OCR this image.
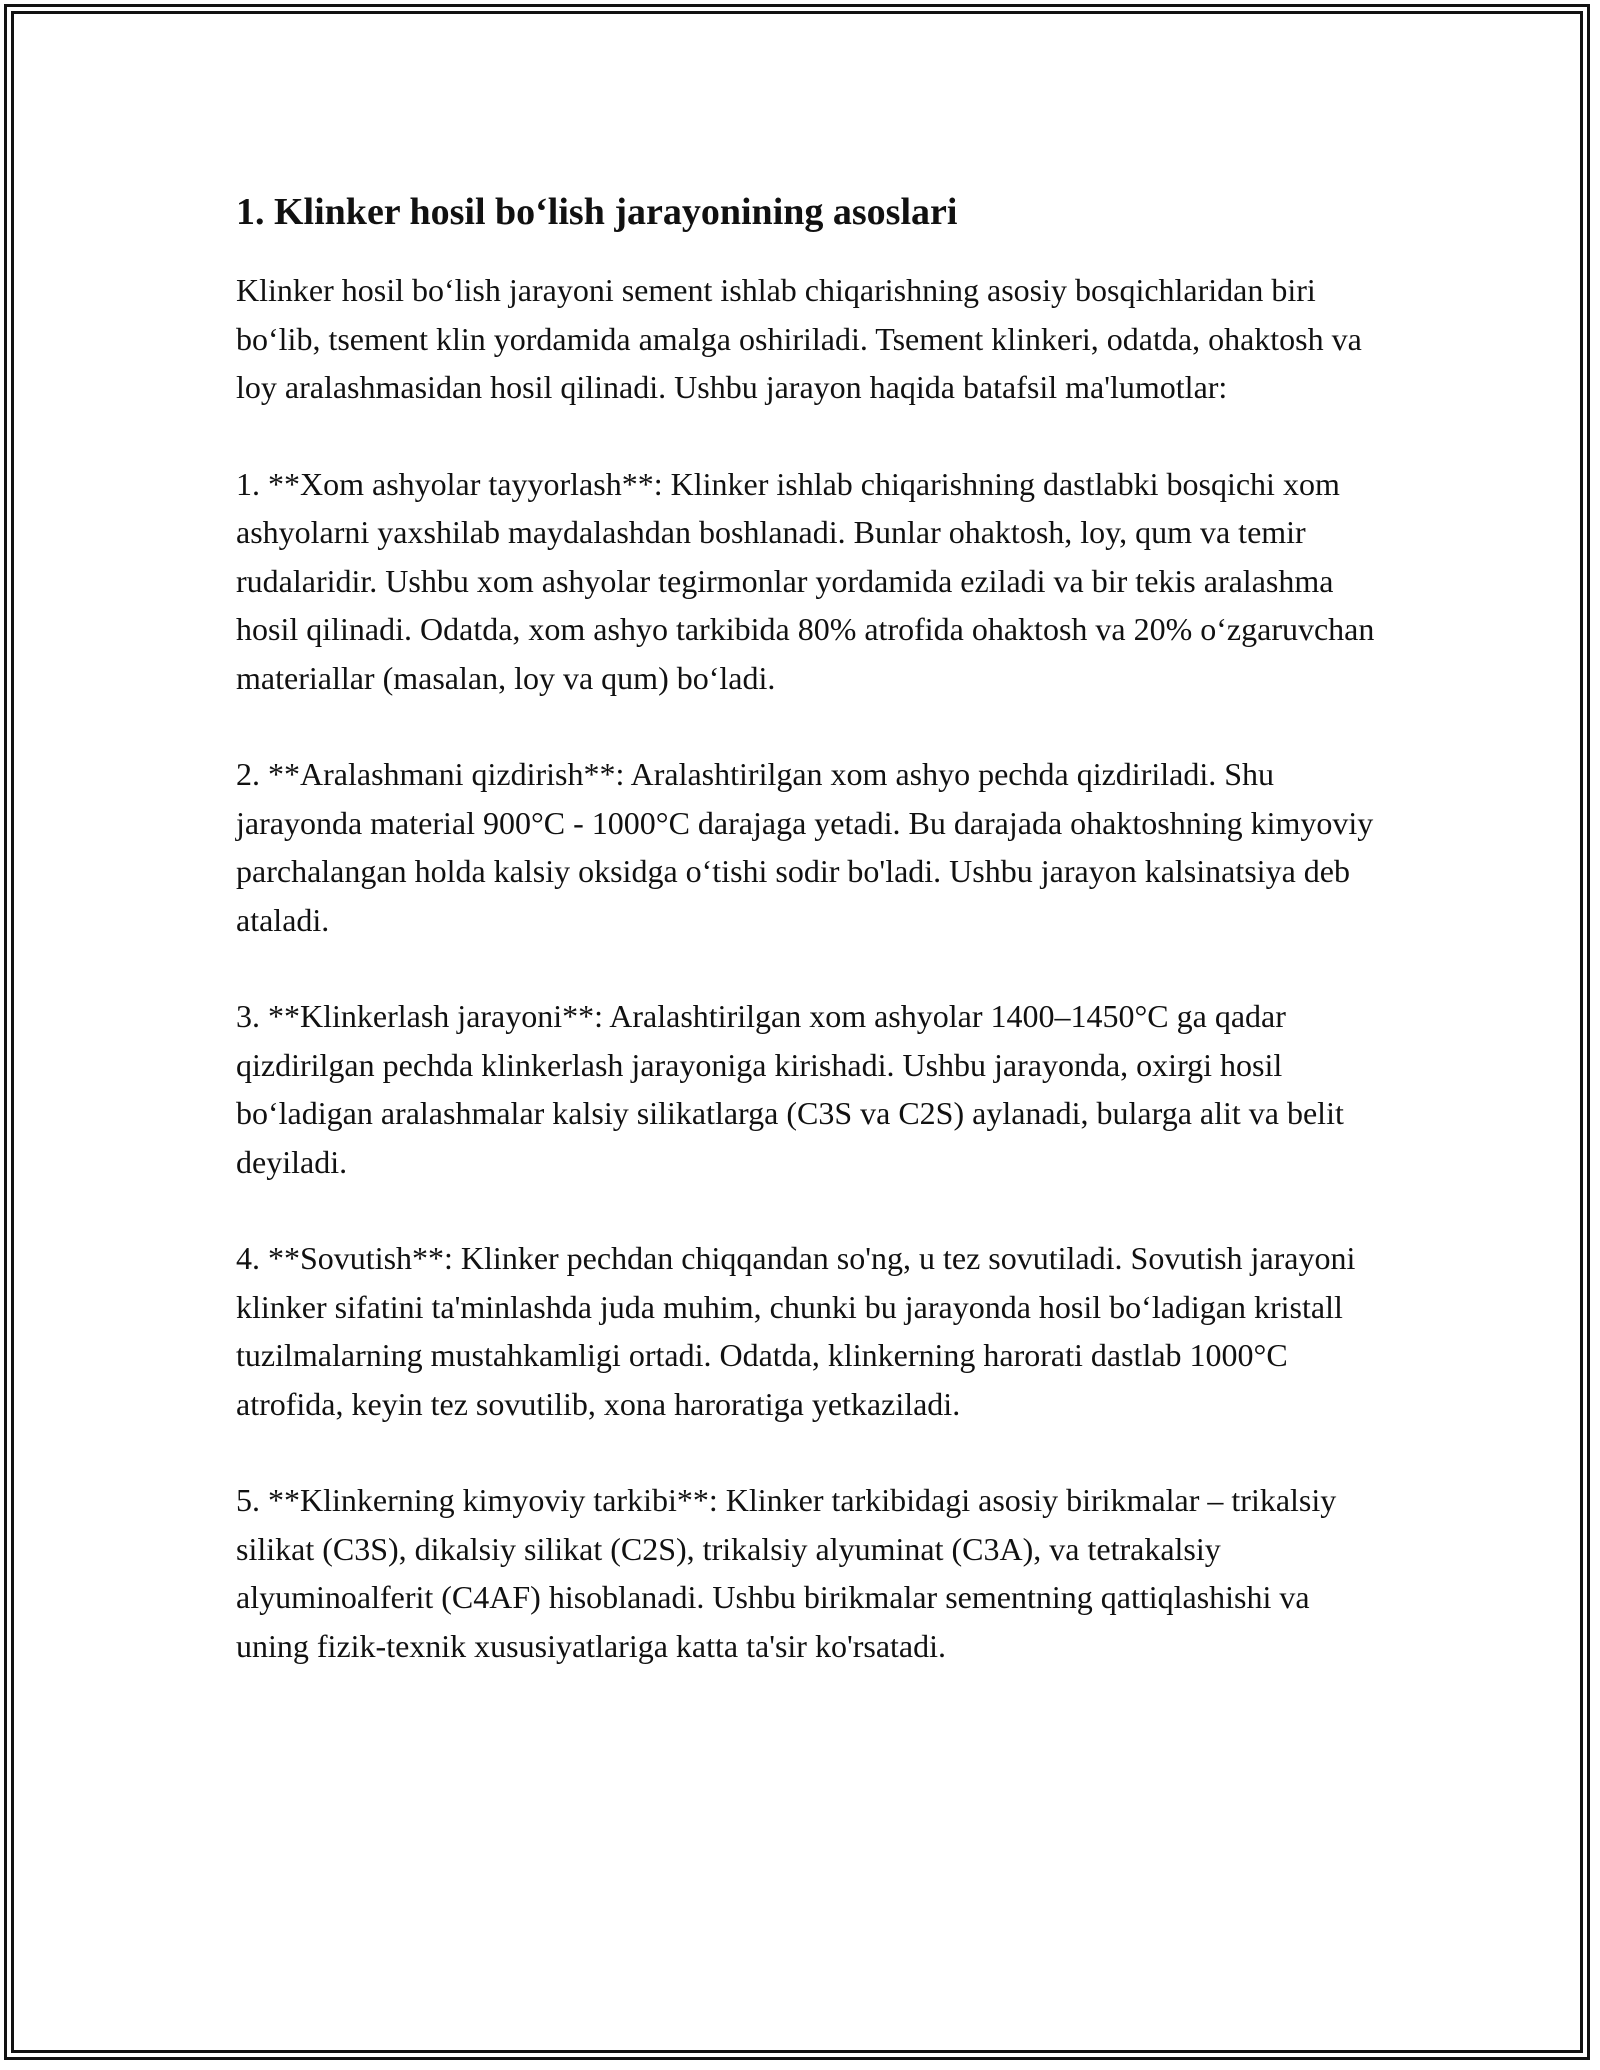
1. Klinker hosil bo‘lish jarayonining asoslari

Klinker hosil bo‘lish jarayoni sement ishlab chiqarishning asosiy bosqichlaridan biri bo‘lib, tsement klin yordamida amalga oshiriladi. Tsement klinkeri, odatda, ohaktosh va loy aralashmasidan hosil qilinadi. Ushbu jarayon haqida batafsil ma'lumotlar:

1. **Xom ashyolar tayyorlash**: Klinker ishlab chiqarishning dastlabki bosqichi xom ashyolarni yaxshilab maydalashdan boshlanadi. Bunlar ohaktosh, loy, qum va temir rudalaridir. Ushbu xom ashyolar tegirmonlar yordamida eziladi va bir tekis aralashma hosil qilinadi. Odatda, xom ashyo tarkibida 80% atrofida ohaktosh va 20% o‘zgaruvchan materiallar (masalan, loy va qum) bo‘ladi.

2. **Aralashmani qizdirish**: Aralashtirilgan xom ashyo pechda qizdiriladi. Shu jarayonda material 900°C - 1000°C darajaga yetadi. Bu darajada ohaktoshning kimyoviy parchalangan holda kalsiy oksidga o‘tishi sodir bo'ladi. Ushbu jarayon kalsinatsiya deb ataladi.

3. **Klinkerlash jarayoni**: Aralashtirilgan xom ashyolar 1400–1450°C ga qadar qizdirilgan pechda klinkerlash jarayoniga kirishadi. Ushbu jarayonda, oxirgi hosil bo‘ladigan aralashmalar kalsiy silikatlarga (C3S va C2S) aylanadi, bularga alit va belit deyiladi.

4. **Sovutish**: Klinker pechdan chiqqandan so'ng, u tez sovutiladi. Sovutish jarayoni klinker sifatini ta'minlashda juda muhim, chunki bu jarayonda hosil bo‘ladigan kristall tuzilmalarning mustahkamligi ortadi. Odatda, klinkerning harorati dastlab 1000°C atrofida, keyin tez sovutilib, xona haroratiga yetkaziladi.

5. **Klinkerning kimyoviy tarkibi**: Klinker tarkibidagi asosiy birikmalar – trikalsiy silikat (C3S), dikalsiy silikat (C2S), trikalsiy alyuminat (C3A), va tetrakalsiy alyuminoalferit (C4AF) hisoblanadi. Ushbu birikmalar sementning qattiqlashishi va uning fizik-texnik xususiyatlariga katta ta'sir ko'rsatadi.
